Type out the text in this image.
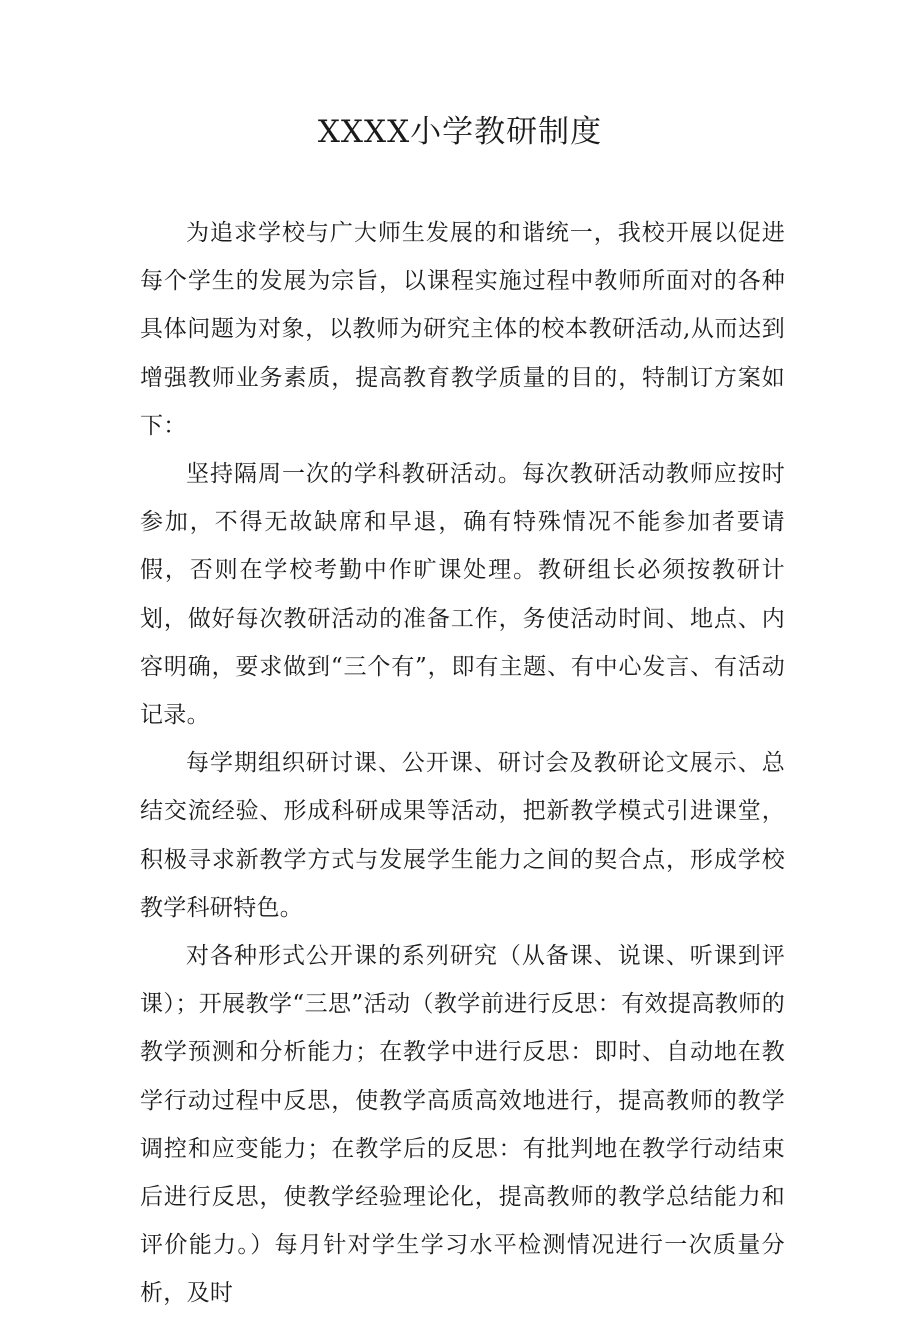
XXXX小学教研制度

为追求学校与广大师生发展的和谐统一，我校开展以促进每个学生的发展为宗旨，以课程实施过程中教师所面对的各种具体问题为对象，以教师为研究主体的校本教研活动,从而达到增强教师业务素质，提高教育教学质量的目的，特制订方案如下：

坚持隔周一次的学科教研活动。每次教研活动教师应按时参加，不得无故缺席和早退，确有特殊情况不能参加者要请假，否则在学校考勤中作旷课处理。教研组长必须按教研计划，做好每次教研活动的准备工作，务使活动时间、地点、内容明确，要求做到“三个有”，即有主题、有中心发言、有活动记录。

每学期组织研讨课、公开课、研讨会及教研论文展示、总结交流经验、形成科研成果等活动，把新教学模式引进课堂，积极寻求新教学方式与发展学生能力之间的契合点，形成学校教学科研特色。

对各种形式公开课的系列研究（从备课、说课、听课到评课）；开展教学“三思”活动（教学前进行反思：有效提高教师的教学预测和分析能力；在教学中进行反思：即时、自动地在教学行动过程中反思，使教学高质高效地进行，提高教师的教学调控和应变能力；在教学后的反思：有批判地在教学行动结束后进行反思，使教学经验理论化，提高教师的教学总结能力和评价能力。）每月针对学生学习水平检测情况进行一次质量分析，及时
